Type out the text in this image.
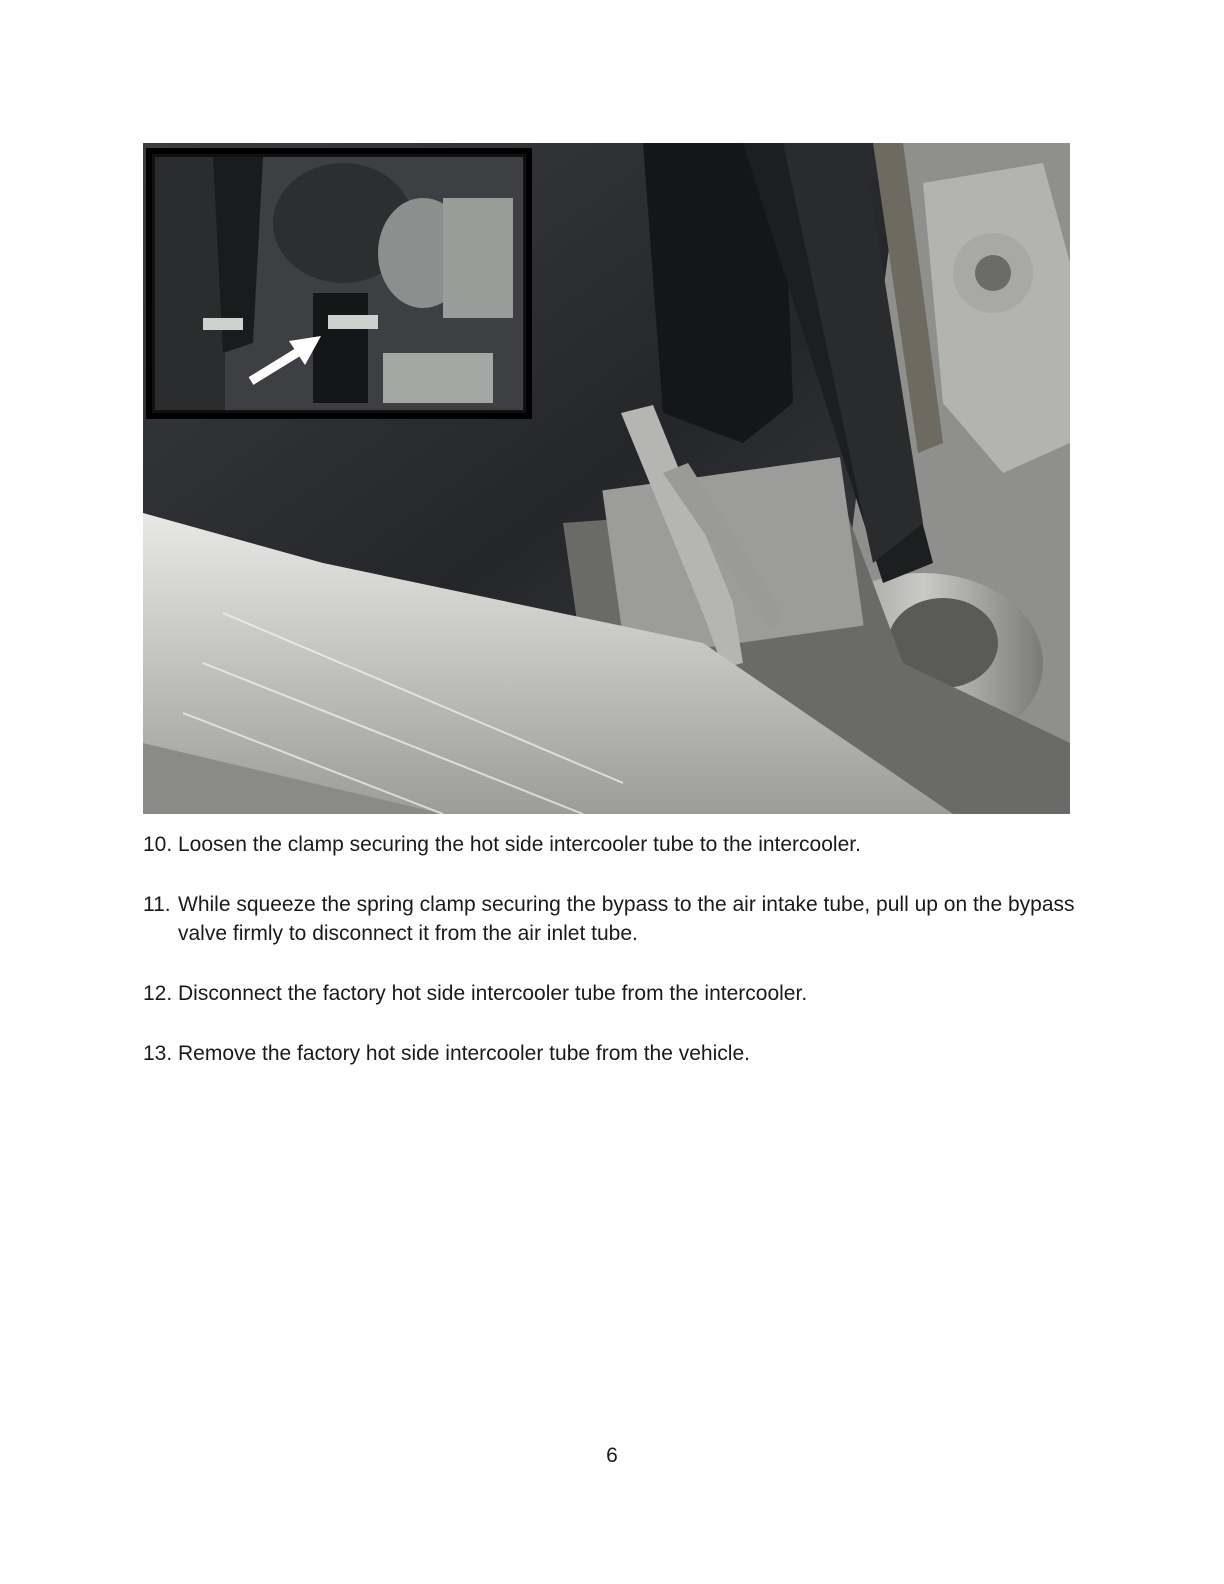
10. Loosen the clamp securing the hot side intercooler tube to the intercooler.
11. While squeeze the spring clamp securing the bypass to the air intake tube, pull up on the bypass valve firmly to disconnect it from the air inlet tube.
12. Disconnect the factory hot side intercooler tube from the intercooler.
13. Remove the factory hot side intercooler tube from the vehicle.
6
